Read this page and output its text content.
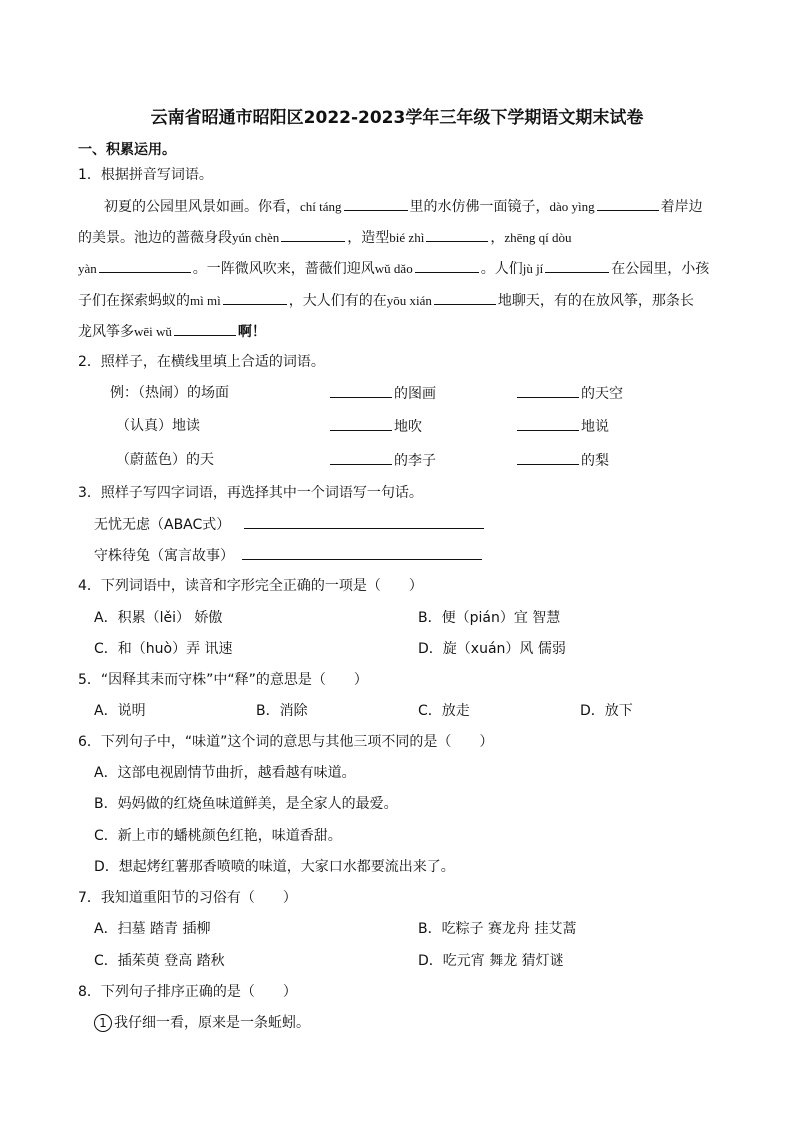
云南省昭通市昭阳区2022-2023学年三年级下学期语文期末试卷
一、积累运用。
1．根据拼音写词语。
初夏的公园里风景如画。你看，chí táng	里的水仿佛一面镜子，dào yìng	着岸边
的美景。池边的蔷薇身段yún chèn	，造型bié zhì	，zhēng qí dòu
yàn	。一阵微风吹来，蔷薇们迎风wǔ dǎo	。人们jù jí	在公园里，小孩
子们在探索蚂蚁的mì mì	，大人们有的在yōu xián	地聊天，有的在放风筝，那条长
龙风筝多wēi wǔ	啊！
2．照样子，在横线里填上合适的词语。
例：（热闹）的场面	的图画	的天空
（认真）地读	地吹	地说
（蔚蓝色）的天	的李子	的梨
3．照样子写四字词语，再选择其中一个词语写一句话。
无忧无虑（ABAC式）
守株待兔（寓言故事）
4．下列词语中，读音和字形完全正确的一项是（　　）
A．积累（lěi） 娇傲	B．便（pián）宜 智慧
C．和（huò）弄 讯速	D．旋（xuán）风 儒弱
5．“因释其耒而守株”中“释”的意思是（　　）
A．说明	B．消除	C．放走	D．放下
6．下列句子中，“味道”这个词的意思与其他三项不同的是（　　）
A．这部电视剧情节曲折，越看越有味道。
B．妈妈做的红烧鱼味道鲜美，是全家人的最爱。
C．新上市的蟠桃颜色红艳，味道香甜。
D．想起烤红薯那香喷喷的味道，大家口水都要流出来了。
7．我知道重阳节的习俗有（　　）
A．扫墓 踏青 插柳	B．吃粽子 赛龙舟 挂艾蒿
C．插茱萸 登高 踏秋	D．吃元宵 舞龙 猜灯谜
8．下列句子排序正确的是（　　）
1 我仔细一看，原来是一条蚯蚓。
